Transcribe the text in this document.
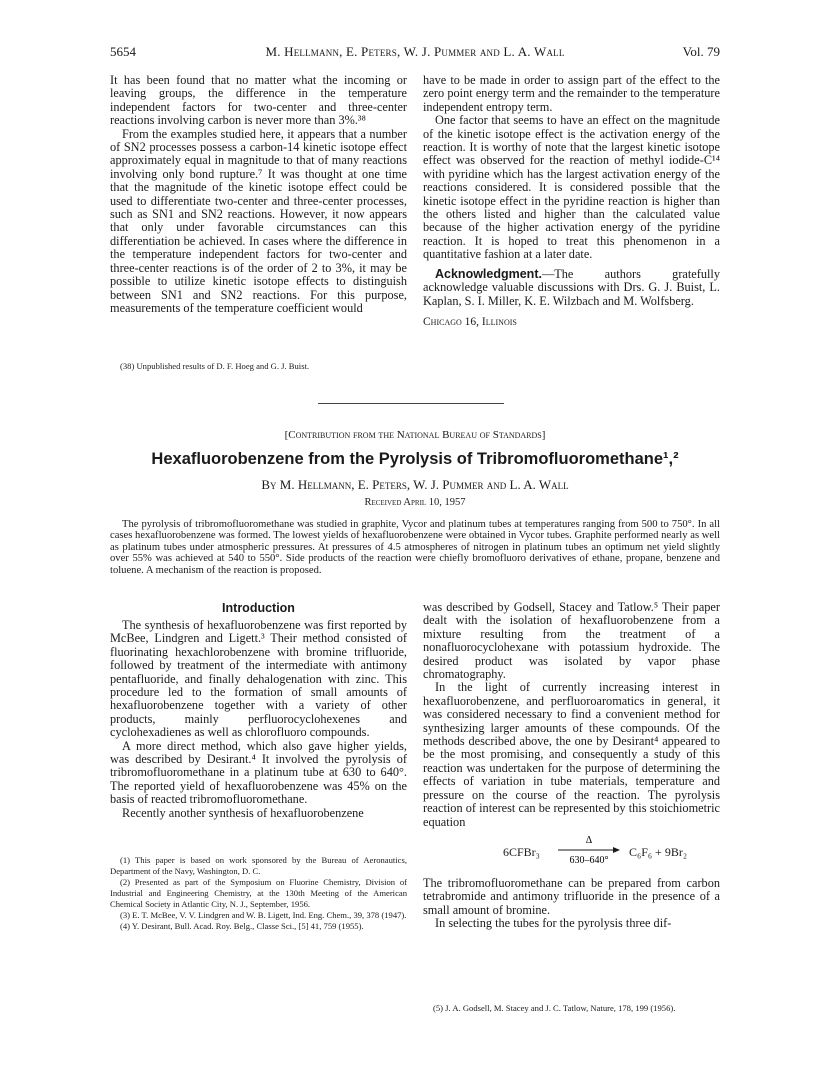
5654	M. Hellmann, E. Peters, W. J. Pummer and L. A. Wall	Vol. 79

It has been found that no matter what the incoming or leaving groups, the difference in the temperature independent factors for two-center and three-center reactions involving carbon is never more than 3%.³⁸

From the examples studied here, it appears that a number of SN2 processes possess a carbon-14 kinetic isotope effect approximately equal in magnitude to that of many reactions involving only bond rupture.⁷ It was thought at one time that the magnitude of the kinetic isotope effect could be used to differentiate two-center and three-center processes, such as SN1 and SN2 reactions. However, it now appears that only under favorable circumstances can this differentiation be achieved. In cases where the difference in the temperature independent factors for two-center and three-center reactions is of the order of 2 to 3%, it may be possible to utilize kinetic isotope effects to distinguish between SN1 and SN2 reactions. For this purpose, measurements of the temperature coefficient would

(38) Unpublished results of D. F. Hoeg and G. J. Buist.

have to be made in order to assign part of the effect to the zero point energy term and the remainder to the temperature independent entropy term.

One factor that seems to have an effect on the magnitude of the kinetic isotope effect is the activation energy of the reaction. It is worthy of note that the largest kinetic isotope effect was observed for the reaction of methyl iodide-C¹⁴ with pyridine which has the largest activation energy of the reactions considered. It is considered possible that the kinetic isotope effect in the pyridine reaction is higher than the others listed and higher than the calculated value because of the higher activation energy of the pyridine reaction. It is hoped to treat this phenomenon in a quantitative fashion at a later date.

Acknowledgment.—The authors gratefully acknowledge valuable discussions with Drs. G. J. Buist, L. Kaplan, S. I. Miller, K. E. Wilzbach and M. Wolfsberg.

Chicago 16, Illinois

[Contribution from the National Bureau of Standards]
Hexafluorobenzene from the Pyrolysis of Tribromofluoromethane¹,²
By M. Hellmann, E. Peters, W. J. Pummer and L. A. Wall
Received April 10, 1957

The pyrolysis of tribromofluoromethane was studied in graphite, Vycor and platinum tubes at temperatures ranging from 500 to 750°. In all cases hexafluorobenzene was formed. The lowest yields of hexafluorobenzene were obtained in Vycor tubes. Graphite performed nearly as well as platinum tubes under atmospheric pressures. At pressures of 4.5 atmospheres of nitrogen in platinum tubes an optimum net yield slightly over 55% was achieved at 540 to 550°. Side products of the reaction were chiefly bromofluoro derivatives of ethane, propane, benzene and toluene. A mechanism of the reaction is proposed.

Introduction

The synthesis of hexafluorobenzene was first reported by McBee, Lindgren and Ligett.³ Their method consisted of fluorinating hexachlorobenzene with bromine trifluoride, followed by treatment of the intermediate with antimony pentafluoride, and finally dehalogenation with zinc. This procedure led to the formation of small amounts of hexafluorobenzene together with a variety of other products, mainly perfluorocyclohexenes and cyclohexadienes as well as chlorofluoro compounds.

A more direct method, which also gave higher yields, was described by Desirant.⁴ It involved the pyrolysis of tribromofluoromethane in a platinum tube at 630 to 640°. The reported yield of hexafluorobenzene was 45% on the basis of reacted tribromofluoromethane.

Recently another synthesis of hexafluorobenzene

(1) This paper is based on work sponsored by the Bureau of Aeronautics, Department of the Navy, Washington, D. C.

(2) Presented as part of the Symposium on Fluorine Chemistry, Division of Industrial and Engineering Chemistry, at the 130th Meeting of the American Chemical Society in Atlantic City, N. J., September, 1956.

(3) E. T. McBee, V. V. Lindgren and W. B. Ligett, Ind. Eng. Chem., 39, 378 (1947).

(4) Y. Desirant, Bull. Acad. Roy. Belg., Classe Sci., [5] 41, 759 (1955).

was described by Godsell, Stacey and Tatlow.⁵ Their paper dealt with the isolation of hexafluorobenzene from a mixture resulting from the treatment of a nonafluorocyclohexane with potassium hydroxide. The desired product was isolated by vapor phase chromatography.

In the light of currently increasing interest in hexafluorobenzene, and perfluoroaromatics in general, it was considered necessary to find a convenient method for synthesizing larger amounts of these compounds. Of the methods described above, the one by Desirant⁴ appeared to be the most promising, and consequently a study of this reaction was undertaken for the purpose of determining the effects of variation in tube materials, temperature and pressure on the course of the reaction. The pyrolysis reaction of interest can be represented by this stoichiometric equation

6CFBr₃
Δ
630–640°
C₆F₆ + 9Br₂

The tribromofluoromethane can be prepared from carbon tetrabromide and antimony trifluoride in the presence of a small amount of bromine.

In selecting the tubes for the pyrolysis three dif-

(5) J. A. Godsell, M. Stacey and J. C. Tatlow, Nature, 178, 199 (1956).
